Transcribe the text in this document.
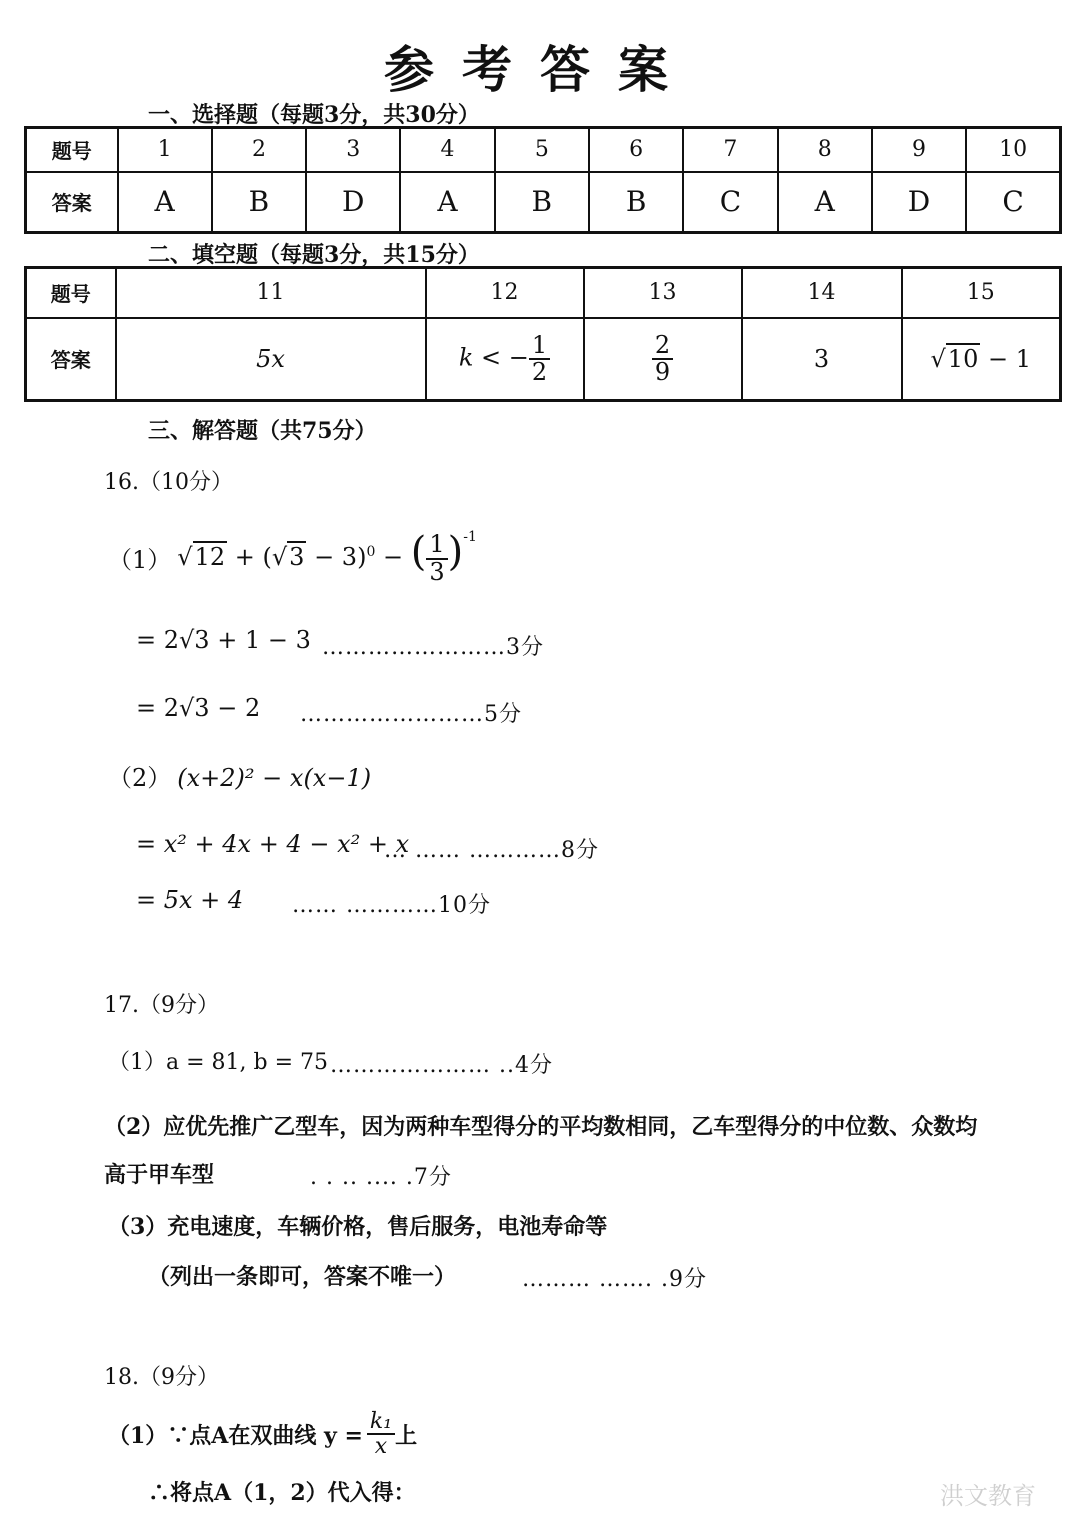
参考答案
一、选择题（每题3分，共30分）
题号	1	2	3	4	5	6	7	8	9	10
答案	A	B	D	A	B	B	C	A	D	C
二、填空题（每题3分，共15分）
题号	11	12	13	14	15
答案	5x	k < − $\frac{1}{2}$	$\frac{2}{9}$	3	√10 − 1
三、解答题（共75分）
16.（10分）
（1） $√12 + (√3 - 3)^0$ − ( $\frac{1}{3} )^{-1}$
= 2√3 + 1 − 3 ……………………3分
= 2√3 − 2 ……………………5分
（2） (x+2)² − x(x−1)
= x² + 4x + 4 − x² + x
… …… …………8分
= 5x + 4 …… …………10分
17.（9分）
（1）a = 81, b = 75 ………………… ..4分
（2）应优先推广乙型车，因为两种车型得分的平均数相同，乙车型得分的中位数、众数均
高于甲车型	. . .. .... .7分
（3）充电速度，车辆价格，售后服务，电池寿命等
（列出一条即可，答案不唯一）	……… ……. .9分
18.（9分）
（1）∵点A在双曲线 $y = \frac{\text{k₁}}{x}$ 上
∴将点A（1，2）代入得：	洪文教育
